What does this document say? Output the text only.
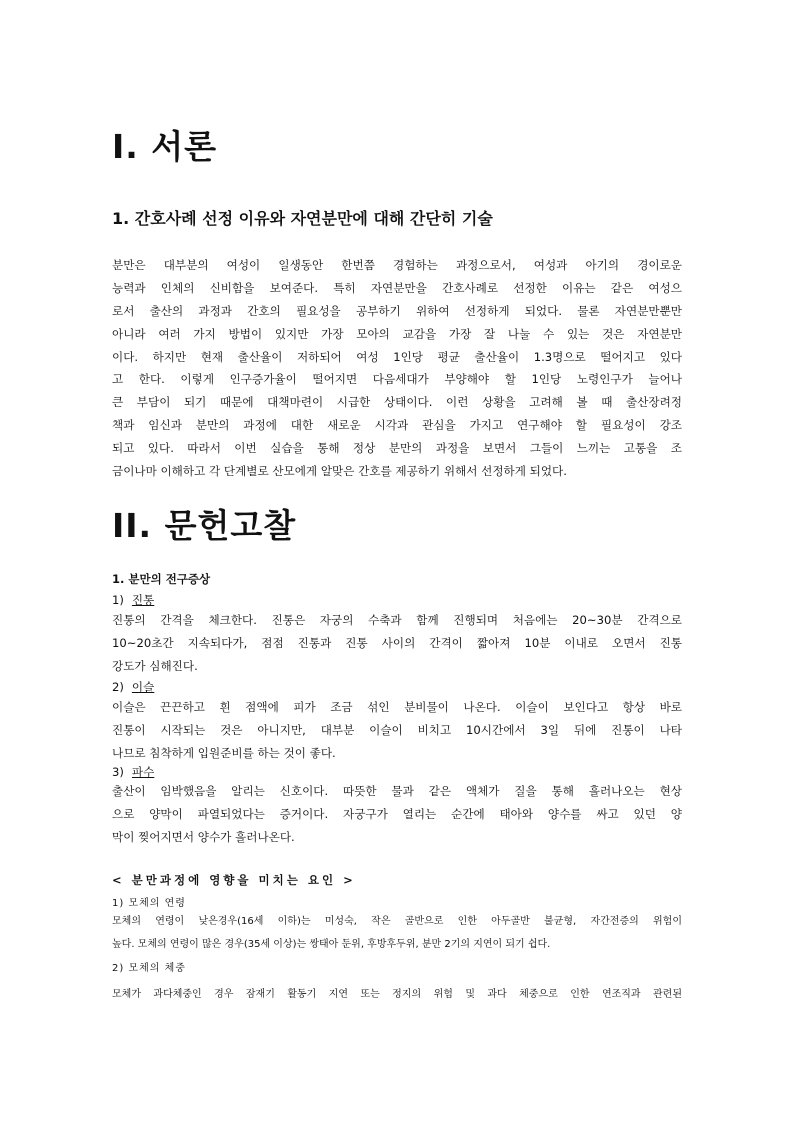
I. 서론
1. 간호사례 선정 이유와 자연분만에 대해 간단히 기술
분만은 대부분의 여성이 일생동안 한번쯤 경험하는 과정으로서, 여성과 아기의 경이로운
능력과 인체의 신비함을 보여준다. 특히 자연분만을 간호사례로 선정한 이유는 같은 여성으
로서 출산의 과정과 간호의 필요성을 공부하기 위하여 선정하게 되었다. 물론 자연분만뿐만
아니라 여러 가지 방법이 있지만 가장 모아의 교감을 가장 잘 나눌 수 있는 것은 자연분만
이다. 하지만 현재 출산율이 저하되어 여성 1인당 평균 출산율이 1.3명으로 떨어지고 있다
고 한다. 이렇게 인구증가율이 떨어지면 다음세대가 부양해야 할 1인당 노령인구가 늘어나
큰 부담이 되기 때문에 대책마련이 시급한 상태이다. 이런 상황을 고려해 볼 때 출산장려정
책과 임신과 분만의 과정에 대한 새로운 시각과 관심을 가지고 연구해야 할 필요성이 강조
되고 있다. 따라서 이번 실습을 통해 정상 분만의 과정을 보면서 그들이 느끼는 고통을 조
금이나마 이해하고 각 단계별로 산모에게 알맞은 간호를 제공하기 위해서 선정하게 되었다.
II. 문헌고찰
1. 분만의 전구증상
1) 진통
진통의 간격을 체크한다. 진통은 자궁의 수축과 함께 진행되며 처음에는 20~30분 간격으로
10~20초간 지속되다가, 점점 진통과 진통 사이의 간격이 짧아져 10분 이내로 오면서 진통
강도가 심해진다.
2) 이슬
이슬은 끈끈하고 흰 점액에 피가 조금 섞인 분비물이 나온다. 이슬이 보인다고 항상 바로
진통이 시작되는 것은 아니지만, 대부분 이슬이 비치고 10시간에서 3일 뒤에 진통이 나타
나므로 침착하게 입원준비를 하는 것이 좋다.
3) 파수
출산이 임박했음을 알리는 신호이다. 따뜻한 물과 같은 액체가 질을 통해 흘러나오는 현상
으로 양막이 파열되었다는 증거이다. 자궁구가 열리는 순간에 태아와 양수를 싸고 있던 양
막이 찢어지면서 양수가 흘러나온다.
< 분만과정에 영향을 미치는 요인 >
1) 모체의 연령
모체의 연령이 낮은경우(16세 이하)는 미성숙, 작은 골반으로 인한 아두골반 불균형, 자간전증의 위험이
높다. 모체의 연령이 많은 경우(35세 이상)는 쌍태아 둔위, 후방후두위, 분만 2기의 지연이 되기 쉽다.
2) 모체의 체중
모체가 과다체중인 경우 잠재기 활동기 지연 또는 정지의 위험 및 과다 체중으로 인한 연조직과 관련된
